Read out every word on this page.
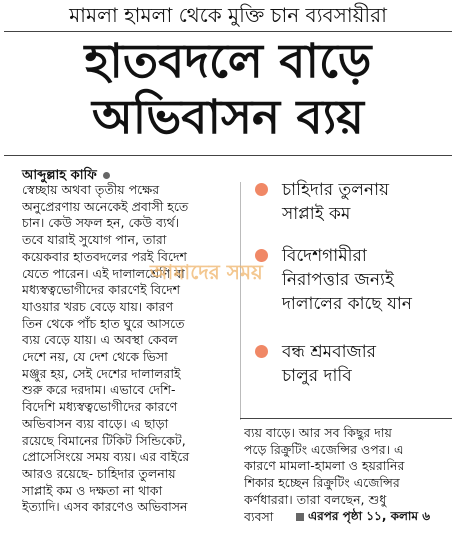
মামলা হামলা থেকে মুক্তি চান ব্যবসায়ীরা
হাতবদলে বাড়ে
অভিবাসন ব্যয়
আব্দুল্লাহ কাফি
স্বেচ্ছায় অথবা তৃতীয় পক্ষের
অনুপ্রেরণায় অনেকেই প্রবাসী হতে
চান। কেউ সফল হন, কেউ ব্যর্থ।
তবে যারাই সুযোগ পান, তারা
কয়েকবার হাতবদলের পরই বিদেশ
যেতে পারেন। এই দালালশ্রেণি বা
মধ্যস্বত্বভোগীদের কারণেই বিদেশ
যাওয়ার খরচ বেড়ে যায়। কারণ
তিন থেকে পাঁচ হাত ঘুরে আসতে
ব্যয় বেড়ে যায়। এ অবস্থা কেবল
দেশে নয়, যে দেশ থেকে ভিসা
মঞ্জুর হয়, সেই দেশের দালালরাই
শুরু করে দরদাম। এভাবে দেশি-
বিদেশি মধ্যস্বত্বভোগীদের কারণে
অভিবাসন ব্যয় বাড়ে। এ ছাড়া
রয়েছে বিমানের টিকিট সিন্ডিকেট,
প্রোসেসিংয়ে সময় ব্যয়। এর বাইরে
আরও রয়েছে- চাহিদার তুলনায়
সাপ্লাই কম ও দক্ষতা না থাকা
ইত্যাদি। এসব কারণেও অভিবাসন
চাহিদার তুলনায়
সাপ্লাই কম
বিদেশগামীরা
নিরাপত্তার জন্যই
দালালের কাছে যান
বন্ধ শ্রমবাজার
চালুর দাবি
ব্যয় বাড়ে। আর সব কিছুর দায়
পড়ে রিক্রুটিং এজেন্সির ওপর। এ
কারণে মামলা-হামলা ও হয়রানির
শিকার হচ্ছেন রিক্রুটিং এজেন্সির
কর্ণধাররা। তারা বলছেন, শুধু
ব্যবসা	এরপর পৃষ্ঠা ১১, কলাম ৬
আমাদের সময়
